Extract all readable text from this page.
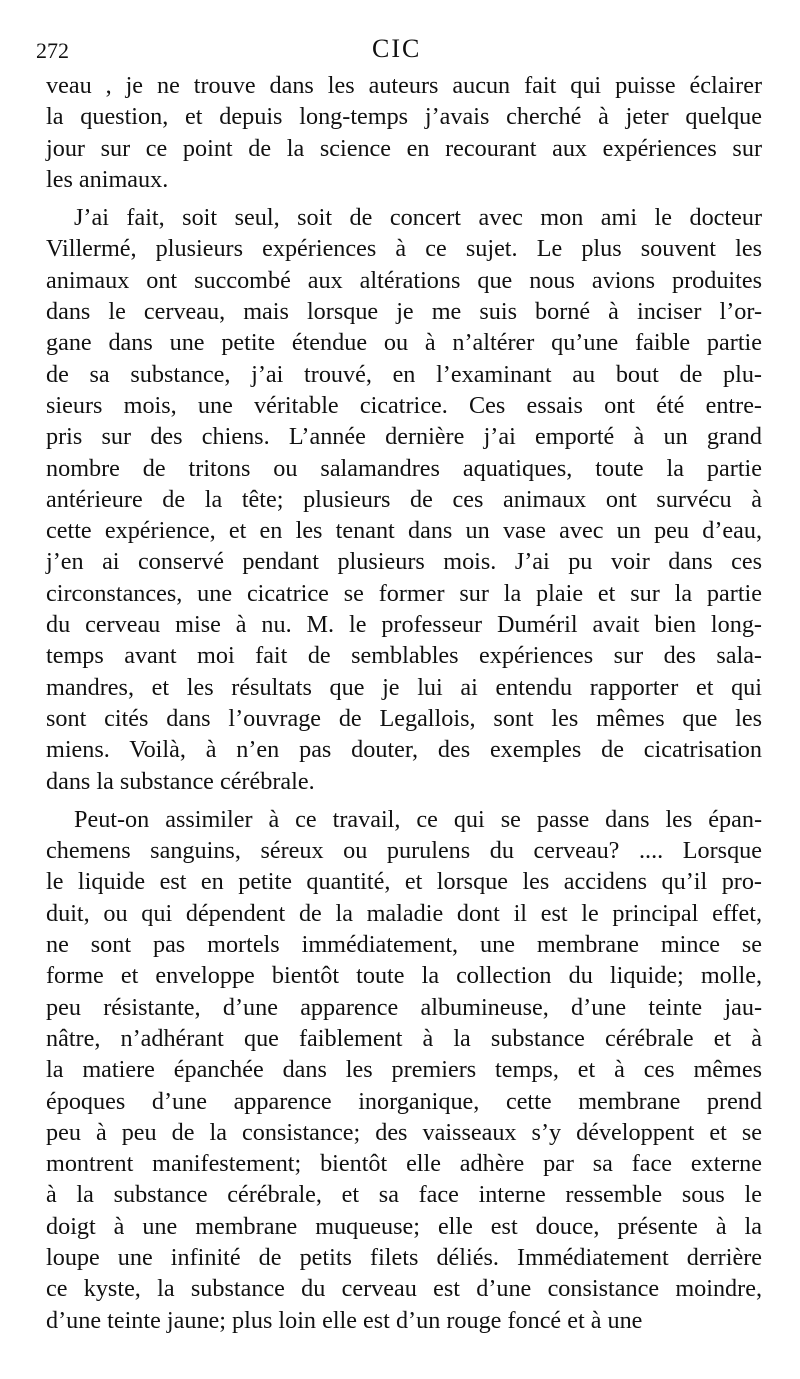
272	CIC
veau , je ne trouve dans les auteurs aucun fait qui puisse éclairer
la question, et depuis long-temps j’avais cherché à jeter quelque
jour sur ce point de la science en recourant aux expériences sur
les animaux.
J’ai fait, soit seul, soit de concert avec mon ami le docteur
Villermé, plusieurs expériences à ce sujet. Le plus souvent les
animaux ont succombé aux altérations que nous avions produites
dans le cerveau, mais lorsque je me suis borné à inciser l’or-
gane dans une petite étendue ou à n’altérer qu’une faible partie
de sa substance, j’ai trouvé, en l’examinant au bout de plu-
sieurs mois, une véritable cicatrice. Ces essais ont été entre-
pris sur des chiens. L’année dernière j’ai emporté à un grand
nombre de tritons ou salamandres aquatiques, toute la partie
antérieure de la tête; plusieurs de ces animaux ont survécu à
cette expérience, et en les tenant dans un vase avec un peu d’eau,
j’en ai conservé pendant plusieurs mois. J’ai pu voir dans ces
circonstances, une cicatrice se former sur la plaie et sur la partie
du cerveau mise à nu. M. le professeur Duméril avait bien long-
temps avant moi fait de semblables expériences sur des sala-
mandres, et les résultats que je lui ai entendu rapporter et qui
sont cités dans l’ouvrage de Legallois, sont les mêmes que les
miens. Voilà, à n’en pas douter, des exemples de cicatrisation
dans la substance cérébrale.
Peut-on assimiler à ce travail, ce qui se passe dans les épan-
chemens sanguins, séreux ou purulens du cerveau? .... Lorsque
le liquide est en petite quantité, et lorsque les accidens qu’il pro-
duit, ou qui dépendent de la maladie dont il est le principal effet,
ne sont pas mortels immédiatement, une membrane mince se
forme et enveloppe bientôt toute la collection du liquide; molle,
peu résistante, d’une apparence albumineuse, d’une teinte jau-
nâtre, n’adhérant que faiblement à la substance cérébrale et à
la matiere épanchée dans les premiers temps, et à ces mêmes
époques d’une apparence inorganique, cette membrane prend
peu à peu de la consistance; des vaisseaux s’y développent et se
montrent manifestement; bientôt elle adhère par sa face externe
à la substance cérébrale, et sa face interne ressemble sous le
doigt à une membrane muqueuse; elle est douce, présente à la
loupe une infinité de petits filets déliés. Immédiatement derrière
ce kyste, la substance du cerveau est d’une consistance moindre,
d’une teinte jaune; plus loin elle est d’un rouge foncé et à une
